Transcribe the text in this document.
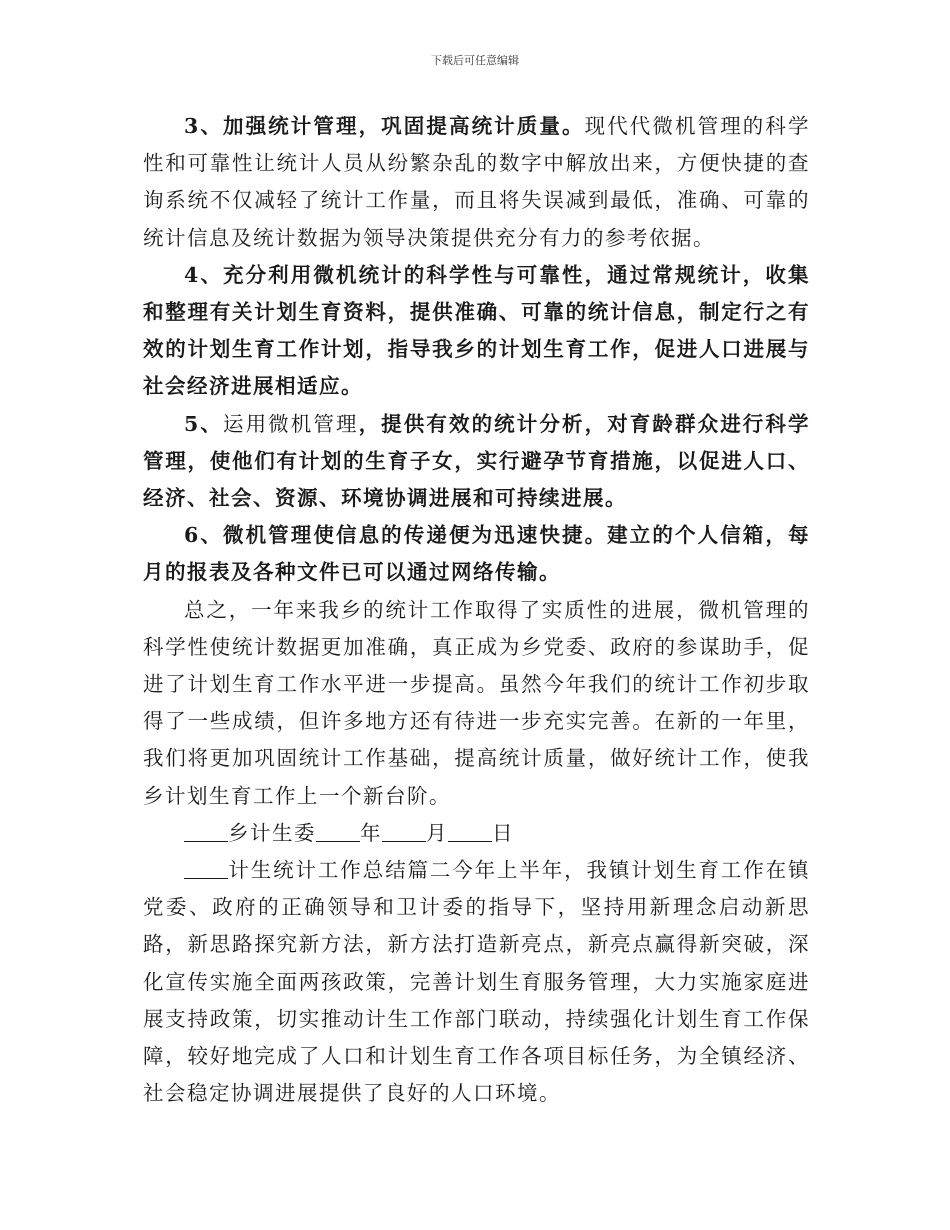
下载后可任意编辑

3、加强统计管理，巩固提高统计质量。现代代微机管理的科学性和可靠性让统计人员从纷繁杂乱的数字中解放出来，方便快捷的查询系统不仅减轻了统计工作量，而且将失误减到最低，准确、可靠的统计信息及统计数据为领导决策提供充分有力的参考依据。

4、充分利用微机统计的科学性与可靠性，通过常规统计，收集和整理有关计划生育资料，提供准确、可靠的统计信息，制定行之有效的计划生育工作计划，指导我乡的计划生育工作，促进人口进展与社会经济进展相适应。

5、运用微机管理，提供有效的统计分析，对育龄群众进行科学管理，使他们有计划的生育子女，实行避孕节育措施，以促进人口、经济、社会、资源、环境协调进展和可持续进展。

6、微机管理使信息的传递便为迅速快捷。建立的个人信箱，每月的报表及各种文件已可以通过网络传输。

总之，一年来我乡的统计工作取得了实质性的进展，微机管理的科学性使统计数据更加准确，真正成为乡党委、政府的参谋助手，促进了计划生育工作水平进一步提高。虽然今年我们的统计工作初步取得了一些成绩，但许多地方还有待进一步充实完善。在新的一年里，我们将更加巩固统计工作基础，提高统计质量，做好统计工作，使我乡计划生育工作上一个新台阶。

乡计生委 年 月 日

计生统计工作总结篇二今年上半年，我镇计划生育工作在镇党委、政府的正确领导和卫计委的指导下，坚持用新理念启动新思路，新思路探究新方法，新方法打造新亮点，新亮点赢得新突破，深化宣传实施全面两孩政策，完善计划生育服务管理，大力实施家庭进展支持政策，切实推动计生工作部门联动，持续强化计划生育工作保障，较好地完成了人口和计划生育工作各项目标任务，为全镇经济、社会稳定协调进展提供了良好的人口环境。
